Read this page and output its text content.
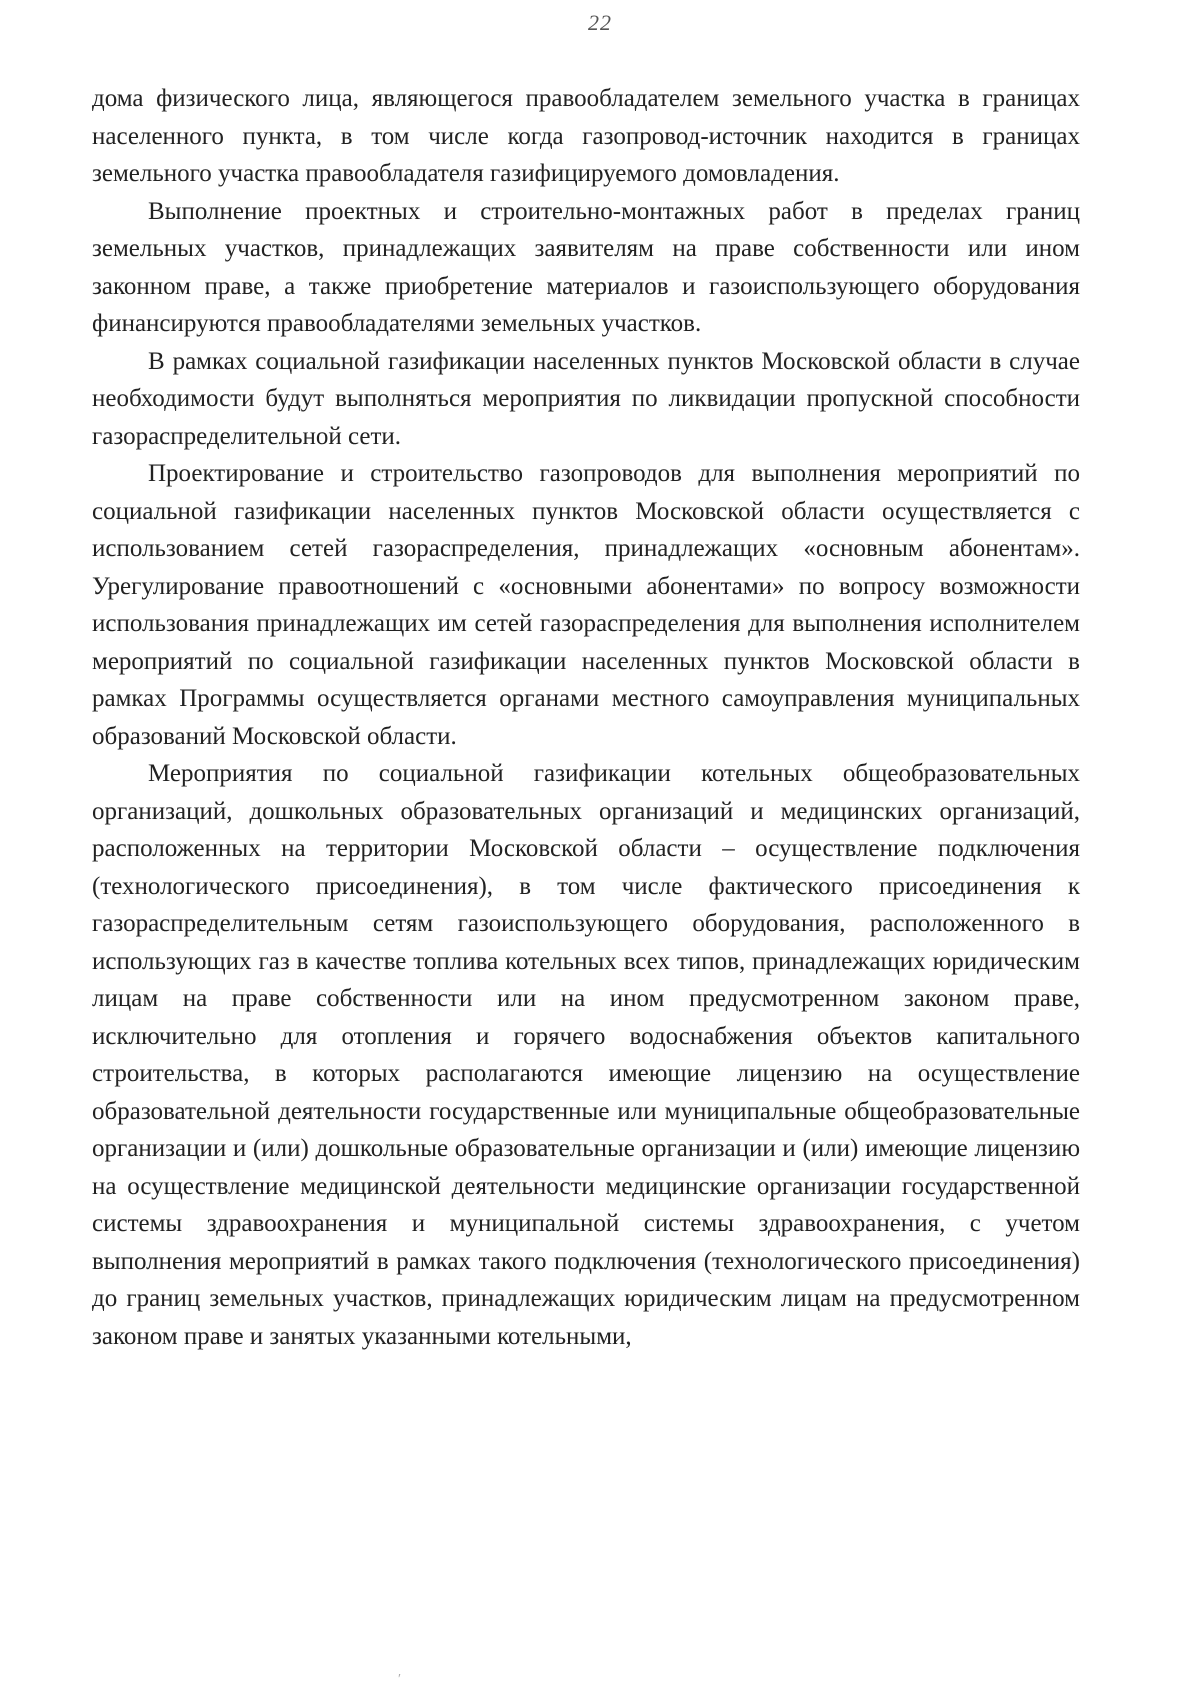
22

дома физического лица, являющегося правообладателем земельного участка в границах населенного пункта, в том числе когда газопровод-источник находится в границах земельного участка правообладателя газифицируемого домовладения.

Выполнение проектных и строительно-монтажных работ в пределах границ земельных участков, принадлежащих заявителям на праве собственности или ином законном праве, а также приобретение материалов и газоиспользующего оборудования финансируются правообладателями земельных участков.

В рамках социальной газификации населенных пунктов Московской области в случае необходимости будут выполняться мероприятия по ликвидации пропускной способности газораспределительной сети.

Проектирование и строительство газопроводов для выполнения мероприятий по социальной газификации населенных пунктов Московской области осуществляется с использованием сетей газораспределения, принадлежащих «основным абонентам». Урегулирование правоотношений с «основными абонентами» по вопросу возможности использования принадлежащих им сетей газораспределения для выполнения исполнителем мероприятий по социальной газификации населенных пунктов Московской области в рамках Программы осуществляется органами местного самоуправления муниципальных образований Московской области.

Мероприятия по социальной газификации котельных общеобразовательных организаций, дошкольных образовательных организаций и медицинских организаций, расположенных на территории Московской области – осуществление подключения (технологического присоединения), в том числе фактического присоединения к газораспределительным сетям газоиспользующего оборудования, расположенного в использующих газ в качестве топлива котельных всех типов, принадлежащих юридическим лицам на праве собственности или на ином предусмотренном законом праве, исключительно для отопления и горячего водоснабжения объектов капитального строительства, в которых располагаются имеющие лицензию на осуществление образовательной деятельности государственные или муниципальные общеобразовательные организации и (или) дошкольные образовательные организации и (или) имеющие лицензию на осуществление медицинской деятельности медицинские организации государственной системы здравоохранения и муниципальной системы здравоохранения, с учетом выполнения мероприятий в рамках такого подключения (технологического присоединения) до границ земельных участков, принадлежащих юридическим лицам на предусмотренном законом праве и занятых указанными котельными,

′
